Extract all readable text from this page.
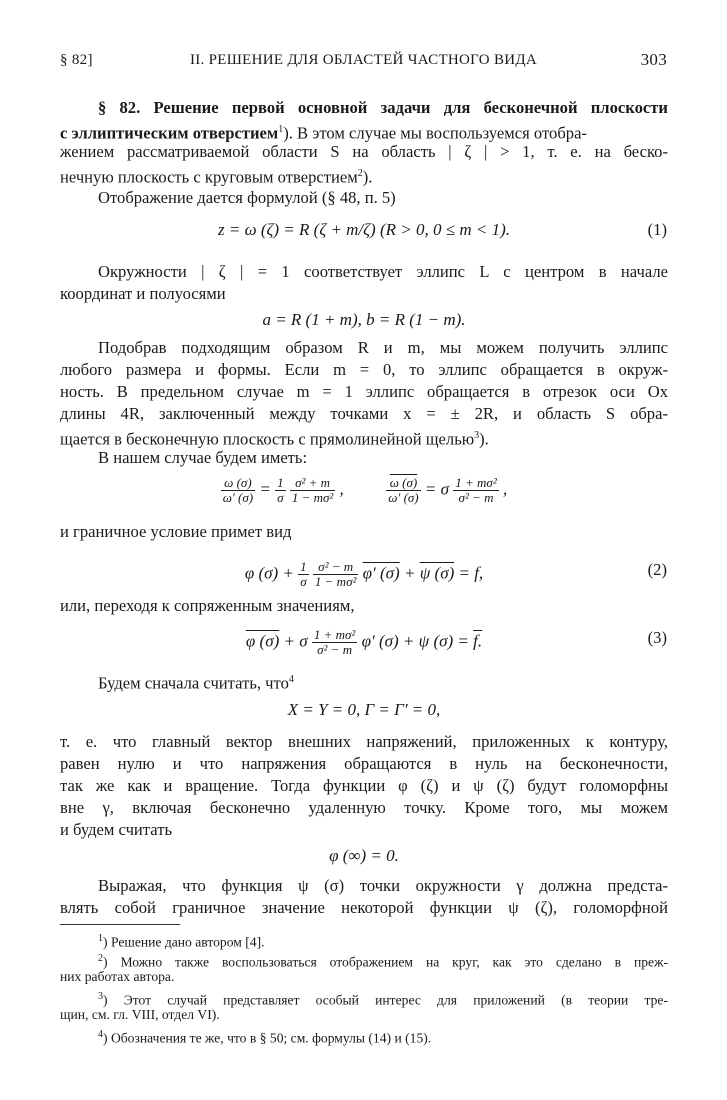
§ 82]	II. РЕШЕНИЕ ДЛЯ ОБЛАСТЕЙ ЧАСТНОГО ВИДА	303
§ 82. Решение первой основной задачи для бесконечной плоскости
с эллиптическим отверстием$^1$). В этом случае мы воспользуемся отобра-
жением рассматриваемой области S на область | ζ | > 1, т. е. на беско-
нечную плоскость с круговым отверстием$^2$).
Отображение дается формулой (§ 48, п. 5)
z = ω (ζ) = R (ζ + m/ζ) (R > 0, 0 ≤ m < 1).	(1)
Окружности | ζ | = 1 соответствует эллипс L с центром в начале
координат и полуосями
a = R (1 + m), b = R (1 − m).
Подобрав подходящим образом R и m, мы можем получить эллипс
любого размера и формы. Если m = 0, то эллипс обращается в окруж-
ность. В предельном случае m = 1 эллипс обращается в отрезок оси Ox
длины 4R, заключенный между точками x = ± 2R, и область S обра-
щается в бесконечную плоскость с прямолинейной щелью$^3$).
В нашем случае будем иметь:
$\frac{\omega (\sigma)}{\omega' (\sigma)} = \frac{1}{\sigma}$
$\frac{\text{σ² + m}}{\text{1 − mσ²}}$ ,	$\frac{\omega (\sigma)}{\omega' (\sigma)} = \sigma \frac{\text{1 + mσ²}}{\text{σ² − m}}$ ,
и граничное условие примет вид
φ $(\sigma) + \frac{1}{\sigma}$
$\frac{\text{σ² − m}}{\text{1 − mσ²}} \varphi'$ (σ) + ψ (σ) = f,	(2)
или, переходя к сопряженным значениям,
φ (σ) + σ $\frac{\text{1 + mσ²}}{\text{σ² − m}} \varphi'$ (σ) + ψ (σ) = f.	(3)
Будем сначала считать, что$^4$
X = Y = 0, Γ = Γ′ = 0,
т. е. что главный вектор внешних напряжений, приложенных к контуру,
равен нулю и что напряжения обращаются в нуль на бесконечности,
так же как и вращение. Тогда функции φ (ζ) и ψ (ζ) будут голоморфны
вне γ, включая бесконечно удаленную точку. Кроме того, мы можем
и будем считать
φ (∞) = 0.
Выражая, что функция ψ (σ) точки окружности γ должна предста-
влять собой граничное значение некоторой функции ψ (ζ), голоморфной
$^1$) Решение дано автором [4].
$^2$) Можно также воспользоваться отображением на круг, как это сделано в преж-
них работах автора.
$^3$) Этот случай представляет особый интерес для приложений (в теории тре-
щин, см. гл. VIII, отдел VI).
$^4$) Обозначения те же, что в § 50; см. формулы (14) и (15).
